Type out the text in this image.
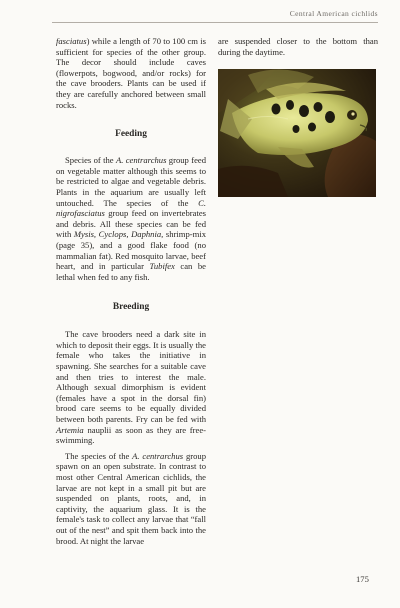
Central American cichlids

fasciatus) while a length of 70 to 100 cm is sufficient for species of the other group. The decor should include caves (flowerpots, bogwood, and/or rocks) for the cave brooders. Plants can be used if they are carefully anchored between small rocks.

Feeding

Species of the A. centrarchus group feed on vegetable matter although this seems to be restricted to algae and vegetable debris. Plants in the aquarium are usually left untouched. The species of the C. nigrofasciatus group feed on invertebrates and debris. All these species can be fed with Mysis, Cyclops, Daphnia, shrimp-mix (page 35), and a good flake food (no mammalian fat). Red mosquito larvae, beef heart, and in particular Tubifex can be lethal when fed to any fish.

Breeding

The cave brooders need a dark site in which to deposit their eggs. It is usually the female who takes the initiative in spawning. She searches for a suitable cave and then tries to interest the male. Although sexual dimorphism is evident (females have a spot in the dorsal fin) brood care seems to be equally divided between both parents. Fry can be fed with Artemia nauplii as soon as they are free-swimming.

The species of the A. centrarchus group spawn on an open substrate. In contrast to most other Central American cichlids, the larvae are not kept in a small pit but are suspended on plants, roots, and, in captivity, the aquarium glass. It is the female's task to collect any larvae that “fall out of the nest” and spit them back into the brood. At night the larvae

are suspended closer to the bottom than during the daytime.

175
